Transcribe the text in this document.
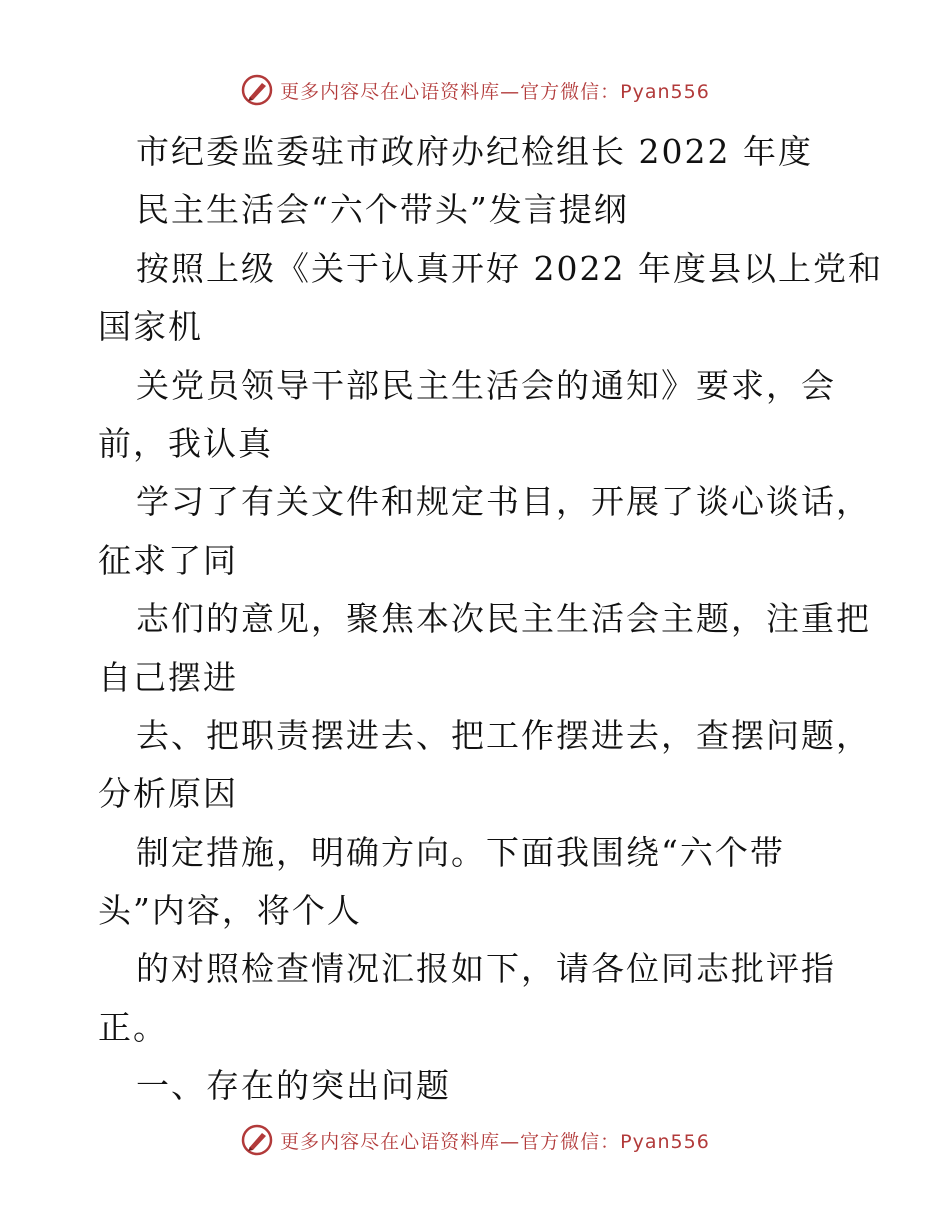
更多内容尽在心语资料库—官方微信：Pyan556
市纪委监委驻市政府办纪检组长 2022 年度
民主生活会“六个带头”发言提纲
按照上级《关于认真开好 2022 年度县以上党和
国家机
关党员领导干部民主生活会的通知》要求，会
前，我认真
学习了有关文件和规定书目，开展了谈心谈话，
征求了同
志们的意见，聚焦本次民主生活会主题，注重把
自己摆进
去、把职责摆进去、把工作摆进去，查摆问题，
分析原因
制定措施，明确方向。下面我围绕“六个带
头”内容，将个人
的对照检查情况汇报如下，请各位同志批评指
正。
一、存在的突出问题
更多内容尽在心语资料库—官方微信：Pyan556
